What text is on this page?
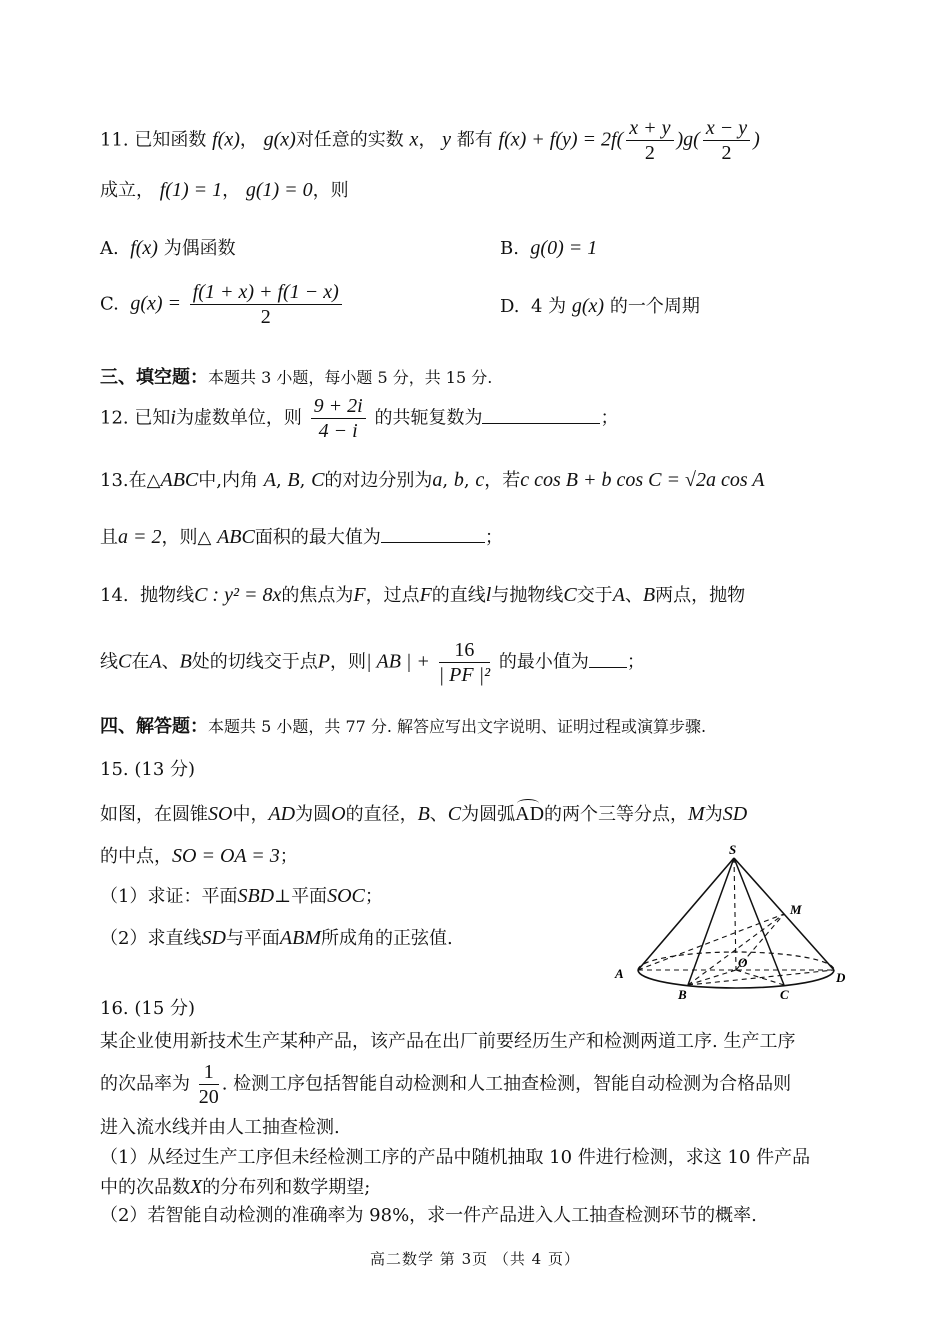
11. 已知函数 f(x)， g(x)对任意的实数 x， y 都有 $f(x) + f(y) = 2f( \frac{x + y}{2} )g( \frac{x - y}{2}$ )
成立， f(1) = 1， g(1) = 0，则
A. f(x) 为偶函数	B. g(0) = 1
C. $g(x) = \frac{f(1 + x) + f(1 - x)}{2}$	D. 4 为 g(x) 的一个周期
三、填空题：本题共 3 小题，每小题 5 分，共 15 分.
12. 已知i为虚数单位，则 $\frac{9 + 2i}{4 - i}$ 的共轭复数为	；
13.在△ABC中,内角 A, B, C的对边分别为a, b, c，若c cos B + b cos C = √2a cos A
且a = 2，则△ ABC面积的最大值为	；
14. 抛物线C : y² = 8x的焦点为F，过点F的直线l与抛物线C交于A、B两点，抛物
线C在A、B处的切线交于点P，则| AB | + $\frac{16}{\text{| PF |²}}$ 的最小值为 ；
四、解答题：本题共 5 小题，共 77 分. 解答应写出文字说明、证明过程或演算步骤.
15. (13 分)
如图，在圆锥SO中，AD为圆O的直径，B、C为圆弧
AD的两个三等分点，M为SD
的中点，SO = OA = 3；
（1）求证：平面SBD⊥平面SOC；
（2）求直线SD与平面ABM所成角的正弦值.
S
M
O
A
B	C
D
16. (15 分)
某企业使用新技术生产某种产品，该产品在出厂前要经历生产和检测两道工序. 生产工序
的次品率为 $\frac{1}{20}$ . 检测工序包括智能自动检测和人工抽查检测，智能自动检测为合格品则
进入流水线并由人工抽查检测.
（1）从经过生产工序但未经检测工序的产品中随机抽取 10 件进行检测，求这 10 件产品
中的次品数X的分布列和数学期望;
（2）若智能自动检测的准确率为 98%，求一件产品进入人工抽查检测环节的概率.
高二数学 第 3页 （共 4 页）
